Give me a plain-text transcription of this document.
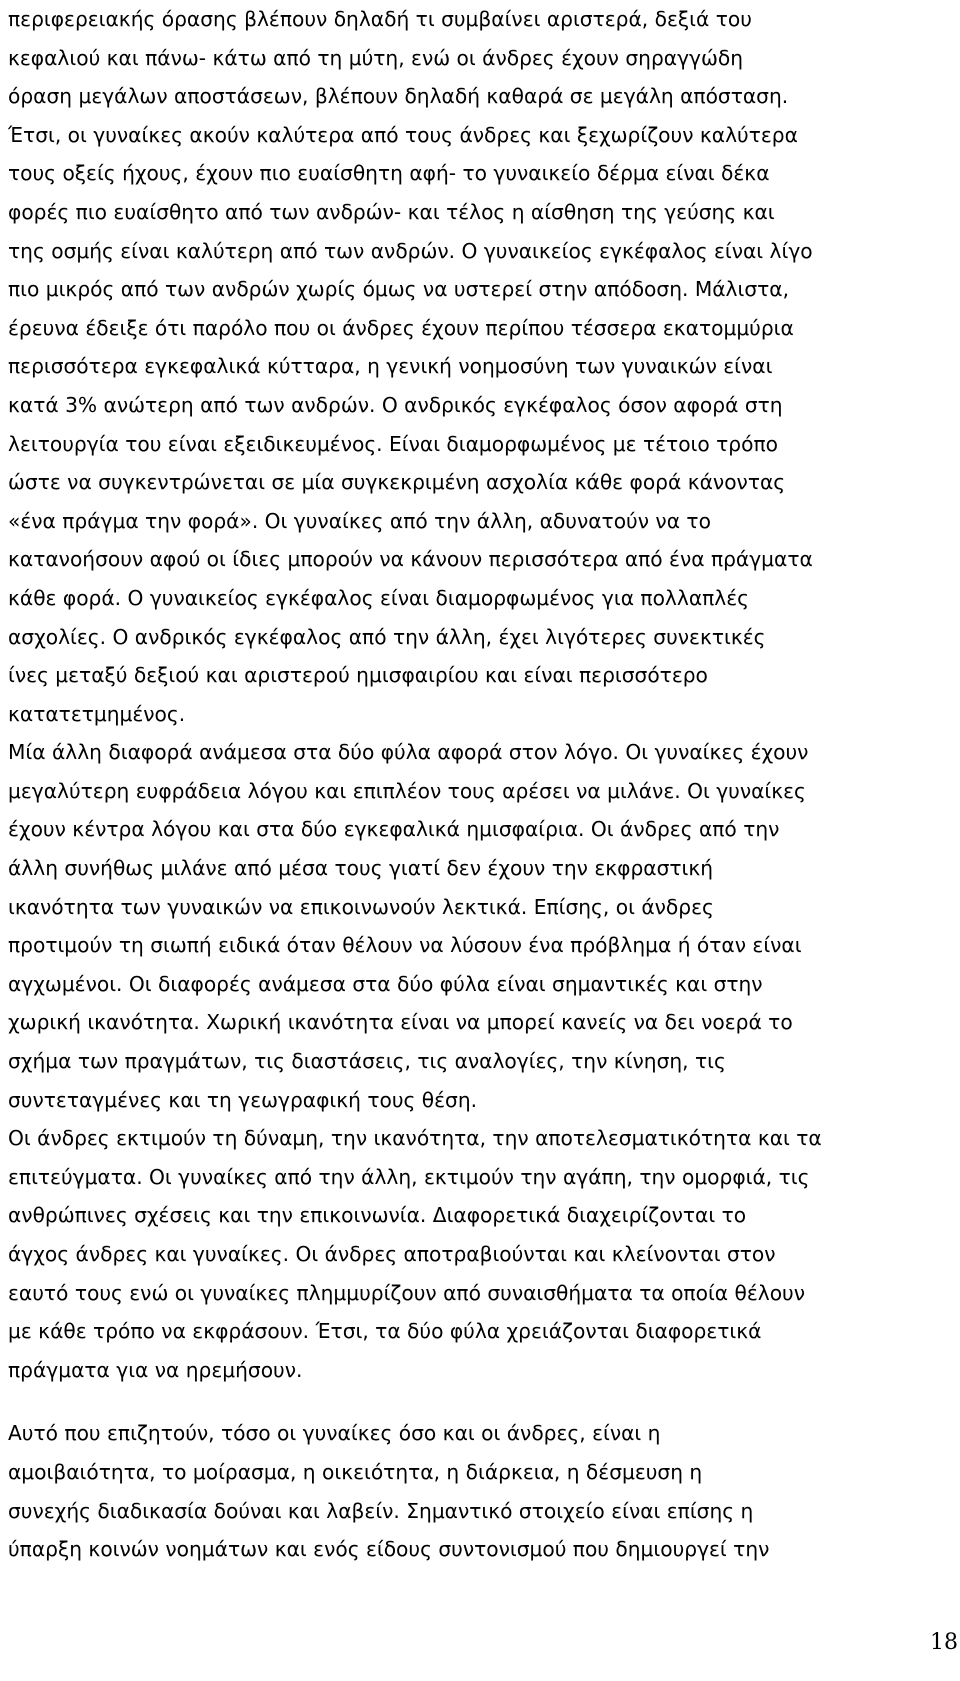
περιφερειακής όρασης βλέπουν δηλαδή τι συμβαίνει αριστερά, δεξιά του

κεφαλιού και πάνω- κάτω από τη μύτη, ενώ οι άνδρες έχουν σηραγγώδη

όραση μεγάλων αποστάσεων, βλέπουν δηλαδή καθαρά σε μεγάλη απόσταση.

Έτσι, οι γυναίκες ακούν καλύτερα από τους άνδρες και ξεχωρίζουν καλύτερα

τους οξείς ήχους, έχουν πιο ευαίσθητη αφή- το γυναικείο δέρμα είναι δέκα

φορές πιο ευαίσθητο από των ανδρών- και τέλος η αίσθηση της γεύσης και

της οσμής είναι καλύτερη από των ανδρών. Ο γυναικείος εγκέφαλος είναι λίγο

πιο μικρός από των ανδρών χωρίς όμως να υστερεί στην απόδοση. Μάλιστα,

έρευνα έδειξε ότι παρόλο που οι άνδρες έχουν περίπου τέσσερα εκατομμύρια

περισσότερα εγκεφαλικά κύτταρα, η γενική νοημοσύνη των γυναικών είναι

κατά 3% ανώτερη από των ανδρών. Ο ανδρικός εγκέφαλος όσον αφορά στη

λειτουργία του είναι εξειδικευμένος. Είναι διαμορφωμένος με τέτοιο τρόπο

ώστε να συγκεντρώνεται σε μία συγκεκριμένη ασχολία κάθε φορά κάνοντας

«ένα πράγμα την φορά». Οι γυναίκες από την άλλη, αδυνατούν να το

κατανοήσουν αφού οι ίδιες μπορούν να κάνουν περισσότερα από ένα πράγματα

κάθε φορά. Ο γυναικείος εγκέφαλος είναι διαμορφωμένος για πολλαπλές

ασχολίες. Ο ανδρικός εγκέφαλος από την άλλη, έχει λιγότερες συνεκτικές

ίνες μεταξύ δεξιού και αριστερού ημισφαιρίου και είναι περισσότερο

κατατετμημένος.

Μία άλλη διαφορά ανάμεσα στα δύο φύλα αφορά στον λόγο. Οι γυναίκες έχουν

μεγαλύτερη ευφράδεια λόγου και επιπλέον τους αρέσει να μιλάνε. Οι γυναίκες

έχουν κέντρα λόγου και στα δύο εγκεφαλικά ημισφαίρια. Οι άνδρες από την

άλλη συνήθως μιλάνε από μέσα τους γιατί δεν έχουν την εκφραστική

ικανότητα των γυναικών να επικοινωνούν λεκτικά. Επίσης, οι άνδρες

προτιμούν τη σιωπή ειδικά όταν θέλουν να λύσουν ένα πρόβλημα ή όταν είναι

αγχωμένοι. Οι διαφορές ανάμεσα στα δύο φύλα είναι σημαντικές και στην

χωρική ικανότητα. Χωρική ικανότητα είναι να μπορεί κανείς να δει νοερά το

σχήμα των πραγμάτων, τις διαστάσεις, τις αναλογίες, την κίνηση, τις

συντεταγμένες και τη γεωγραφική τους θέση.

Οι άνδρες εκτιμούν τη δύναμη, την ικανότητα, την αποτελεσματικότητα και τα

επιτεύγματα. Οι γυναίκες από την άλλη, εκτιμούν την αγάπη, την ομορφιά, τις

ανθρώπινες σχέσεις και την επικοινωνία. Διαφορετικά διαχειρίζονται το

άγχος άνδρες και γυναίκες. Οι άνδρες αποτραβιούνται και κλείνονται στον

εαυτό τους ενώ οι γυναίκες πλημμυρίζουν από συναισθήματα τα οποία θέλουν

με κάθε τρόπο να εκφράσουν. Έτσι, τα δύο φύλα χρειάζονται διαφορετικά

πράγματα για να ηρεμήσουν.

Αυτό που επιζητούν, τόσο οι γυναίκες όσο και οι άνδρες, είναι η

αμοιβαιότητα, το μοίρασμα, η οικειότητα, η διάρκεια, η δέσμευση η

συνεχής διαδικασία δούναι και λαβείν. Σημαντικό στοιχείο είναι επίσης η

ύπαρξη κοινών νοημάτων και ενός είδους συντονισμού που δημιουργεί την

18
